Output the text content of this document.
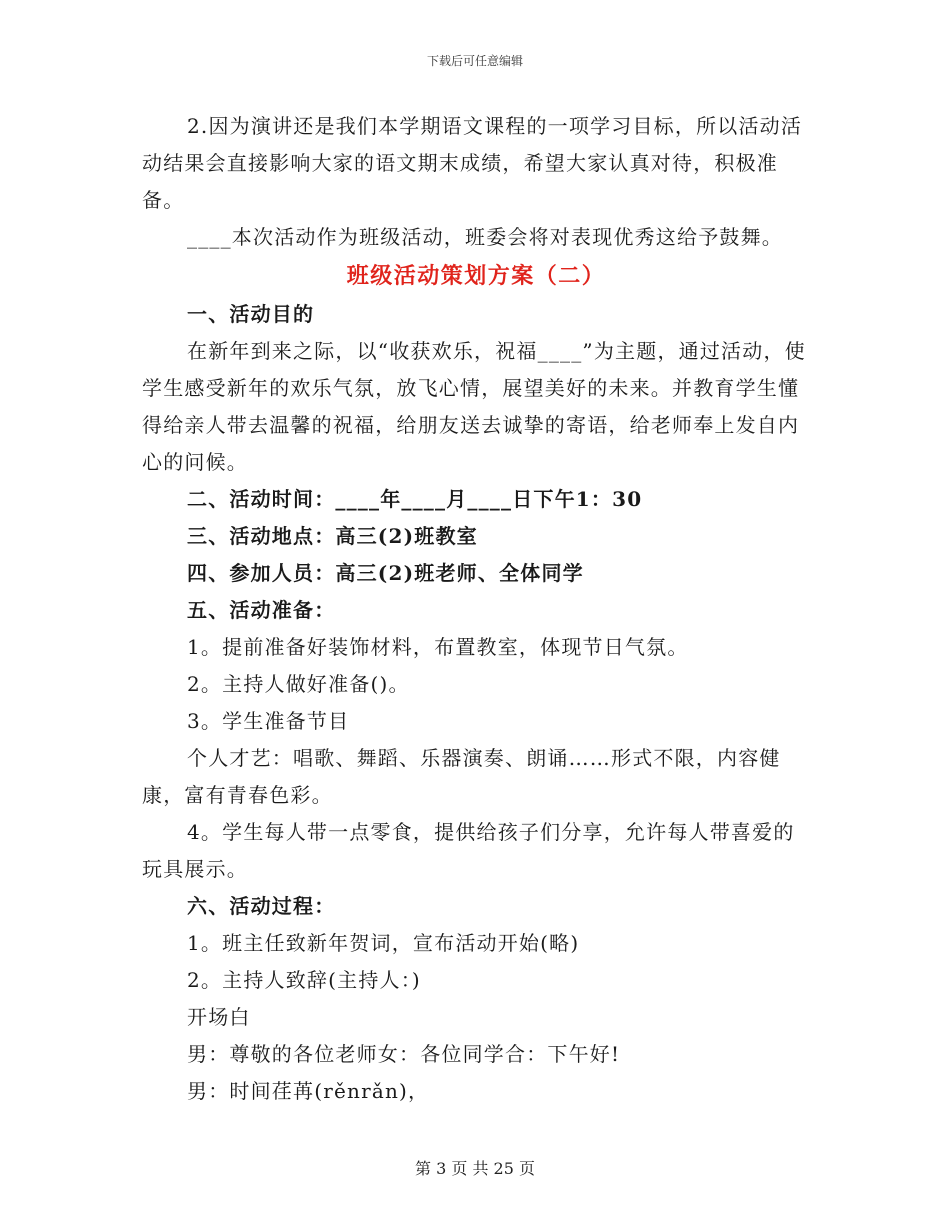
下载后可任意编辑

2.因为演讲还是我们本学期语文课程的一项学习目标，所以活动活动结果会直接影响大家的语文期末成绩，希望大家认真对待，积极准备。

____本次活动作为班级活动，班委会将对表现优秀这给予鼓舞。

班级活动策划方案（二）

一、活动目的

在新年到来之际，以“收获欢乐，祝福____”为主题，通过活动，使学生感受新年的欢乐气氛，放飞心情，展望美好的未来。并教育学生懂得给亲人带去温馨的祝福，给朋友送去诚挚的寄语，给老师奉上发自内心的问候。

二、活动时间：____年____月____日下午1：30

三、活动地点：高三(2)班教室

四、参加人员：高三(2)班老师、全体同学

五、活动准备：

1。提前准备好装饰材料，布置教室，体现节日气氛。

2。主持人做好准备()。

3。学生准备节目

个人才艺：唱歌、舞蹈、乐器演奏、朗诵……形式不限，内容健康，富有青春色彩。

4。学生每人带一点零食，提供给孩子们分享，允许每人带喜爱的玩具展示。

六、活动过程：

1。班主任致新年贺词，宣布活动开始(略)

2。主持人致辞(主持人：)

开场白

男：尊敬的各位老师女：各位同学合：下午好!

男：时间荏苒(rěnrǎn)，

第 3 页 共 25 页
